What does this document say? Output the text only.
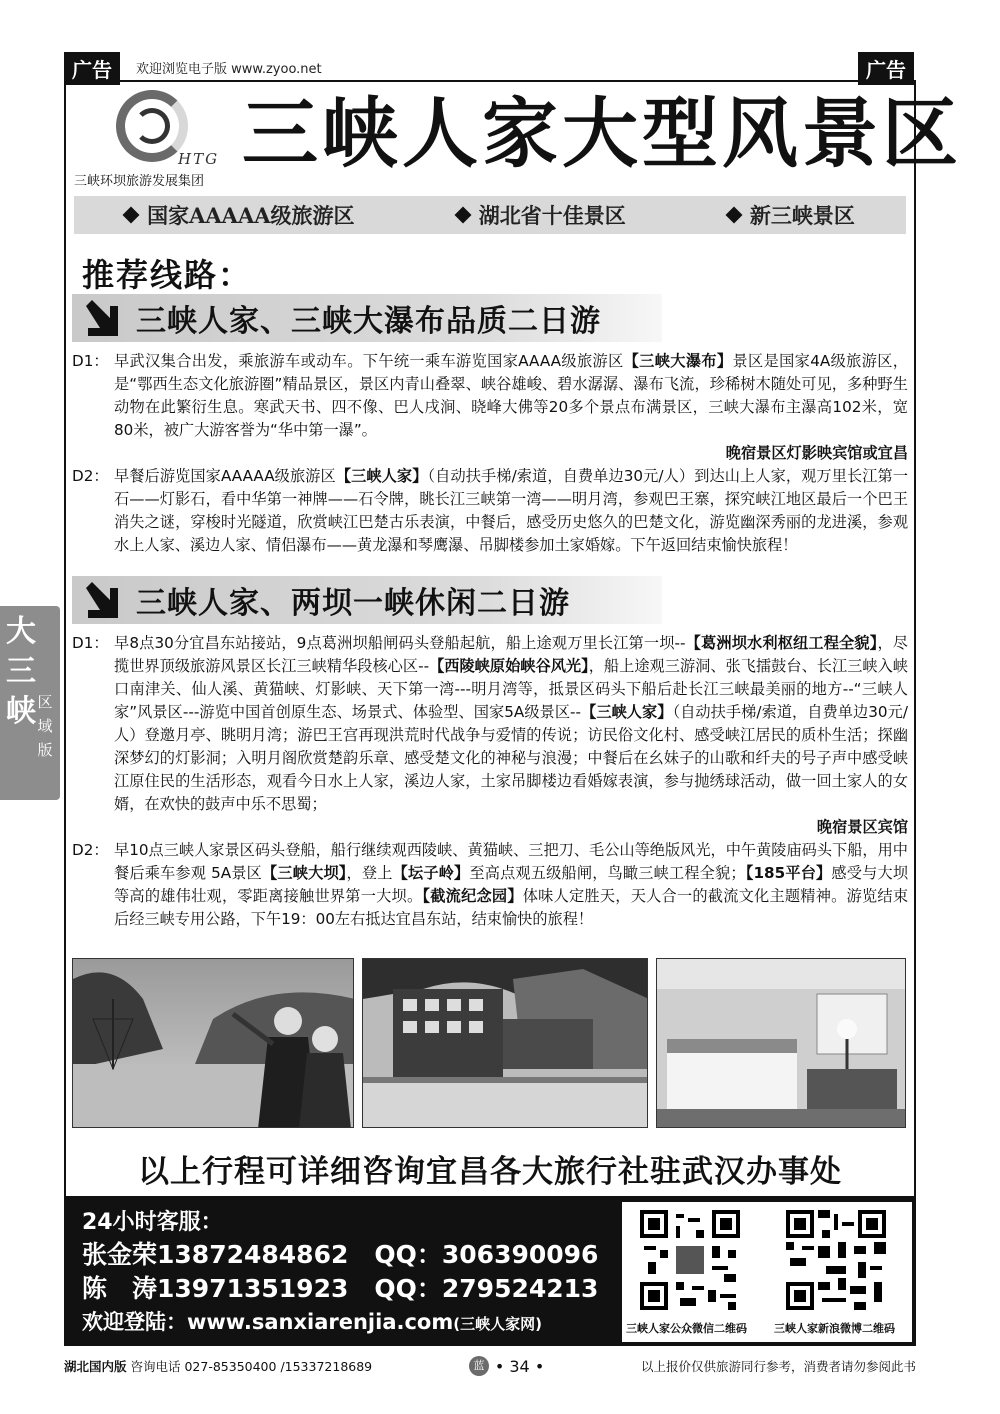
广告	欢迎浏览电子版 www.zyoo.net	广告
HTG
三峡环坝旅游发展集团
三峡人家大型风景区
国家AAAAA级旅游区	湖北省十佳景区	新三峡景区
推荐线路：
三峡人家、三峡大瀑布品质二日游
D1： 早武汉集合出发，乘旅游车或动车。下午统一乘车游览国家AAAA级旅游区【三峡大瀑布】景区是国家4A级旅游区，是“鄂西生态文化旅游圈”精品景区，景区内青山叠翠、峡谷雄峻、碧水潺潺、瀑布飞流，珍稀树木随处可见，多种野生动物在此繁衍生息。寒武天书、四不像、巴人戌涧、晓峰大佛等20多个景点布满景区，三峡大瀑布主瀑高102米，宽80米，被广大游客誉为“华中第一瀑”。
晚宿景区灯影映宾馆或宜昌
D2： 早餐后游览国家AAAAA级旅游区【三峡人家】（自动扶手梯/索道，自费单边30元/人）到达山上人家，观万里长江第一石——灯影石，看中华第一神牌——石令牌，眺长江三峡第一湾——明月湾，参观巴王寨，探究峡江地区最后一个巴王消失之谜，穿梭时光隧道，欣赏峡江巴楚古乐表演，中餐后，感受历史悠久的巴楚文化，游览幽深秀丽的龙进溪，参观水上人家、溪边人家、情侣瀑布——黄龙瀑和琴鹰瀑、吊脚楼参加土家婚嫁。下午返回结束愉快旅程！
三峡人家、两坝一峡休闲二日游
D1： 早8点30分宜昌东站接站，9点葛洲坝船闸码头登船起航，船上途观万里长江第一坝--【葛洲坝水利枢纽工程全貌】，尽揽世界顶级旅游风景区长江三峡精华段核心区--【西陵峡原始峡谷风光】，船上途观三游洞、张飞擂鼓台、长江三峡入峡口南津关、仙人溪、黄猫峡、灯影峡、天下第一湾---明月湾等，抵景区码头下船后赴长江三峡最美丽的地方--“三峡人家”风景区---游览中国首创原生态、场景式、体验型、国家5A级景区--【三峡人家】（自动扶手梯/索道，自费单边30元/人）登邀月亭、眺明月湾；游巴王宫再现洪荒时代战争与爱情的传说；访民俗文化村、感受峡江居民的质朴生活；探幽深梦幻的灯影洞；入明月阁欣赏楚韵乐章、感受楚文化的神秘与浪漫；中餐后在幺妹子的山歌和纤夫的号子声中感受峡江原住民的生活形态，观看今日水上人家，溪边人家，土家吊脚楼边看婚嫁表演，参与抛绣球活动，做一回土家人的女婿，在欢快的鼓声中乐不思蜀；
晚宿景区宾馆
D2： 早10点三峡人家景区码头登船，船行继续观西陵峡、黄猫峡、三把刀、毛公山等绝版风光，中午黄陵庙码头下船，用中餐后乘车参观 5A景区【三峡大坝】，登上【坛子岭】至高点观五级船闸，鸟瞰三峡工程全貌；【185平台】感受与大坝等高的雄伟壮观，零距离接触世界第一大坝。【截流纪念园】体味人定胜天，天人合一的截流文化主题精神。游览结束后经三峡专用公路，下午19：00左右抵达宜昌东站，结束愉快的旅程！
大
三
峡 区
域
版
以上行程可详细咨询宜昌各大旅行社驻武汉办事处
24小时客服：
张金荣13872484862 QQ：306390096
陈　涛13971351923 QQ：279524213
欢迎登陆：www.sanxiarenjia.com(三峡人家网)	三峡人家公众微信二维码 三峡人家新浪微博二维码
湖北国内版 咨询电话 027-85350400 /15337218689	蓝 • 34 •	以上报价仅供旅游同行参考，消费者请勿参阅此书
